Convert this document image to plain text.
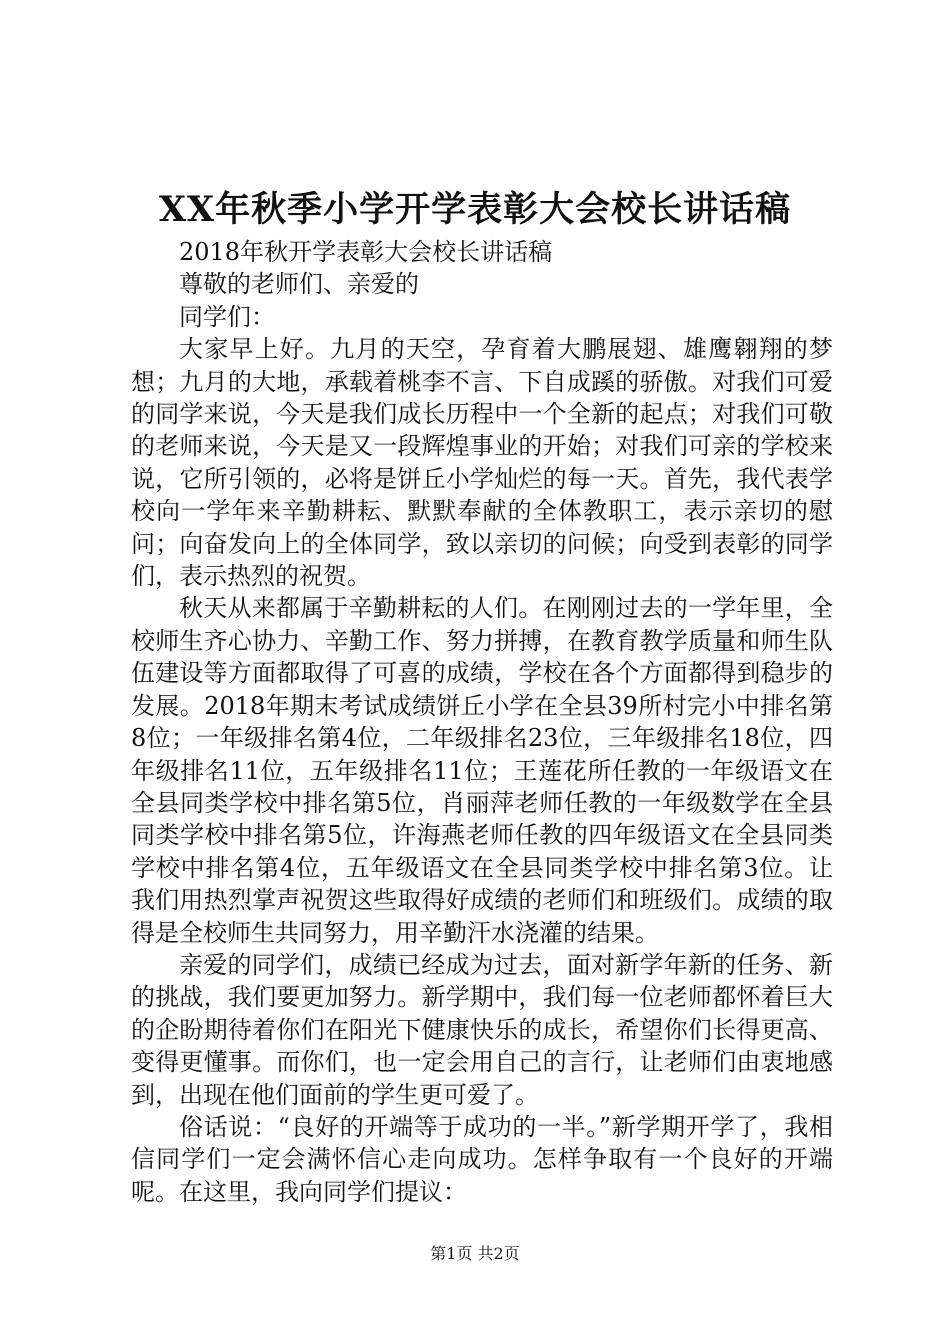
XX年秋季小学开学表彰大会校长讲话稿

2018年秋开学表彰大会校长讲话稿

尊敬的老师们、亲爱的

同学们：

大家早上好。九月的天空，孕育着大鹏展翅、雄鹰翱翔的梦想；九月的大地，承载着桃李不言、下自成蹊的骄傲。对我们可爱的同学来说，今天是我们成长历程中一个全新的起点；对我们可敬的老师来说，今天是又一段辉煌事业的开始；对我们可亲的学校来说，它所引领的，必将是饼丘小学灿烂的每一天。首先，我代表学校向一学年来辛勤耕耘、默默奉献的全体教职工，表示亲切的慰问；向奋发向上的全体同学，致以亲切的问候；向受到表彰的同学们，表示热烈的祝贺。

秋天从来都属于辛勤耕耘的人们。在刚刚过去的一学年里，全校师生齐心协力、辛勤工作、努力拼搏，在教育教学质量和师生队伍建设等方面都取得了可喜的成绩，学校在各个方面都得到稳步的发展。2018年期末考试成绩饼丘小学在全县39所村完小中排名第8位；一年级排名第4位，二年级排名23位，三年级排名18位，四年级排名11位，五年级排名11位；王莲花所任教的一年级语文在全县同类学校中排名第5位，肖丽萍老师任教的一年级数学在全县同类学校中排名第5位，许海燕老师任教的四年级语文在全县同类学校中排名第4位，五年级语文在全县同类学校中排名第3位。让我们用热烈掌声祝贺这些取得好成绩的老师们和班级们。成绩的取得是全校师生共同努力，用辛勤汗水浇灌的结果。

亲爱的同学们，成绩已经成为过去，面对新学年新的任务、新的挑战，我们要更加努力。新学期中，我们每一位老师都怀着巨大的企盼期待着你们在阳光下健康快乐的成长，希望你们长得更高、变得更懂事。而你们，也一定会用自己的言行，让老师们由衷地感到，出现在他们面前的学生更可爱了。

俗话说：“良好的开端等于成功的一半。”新学期开学了，我相信同学们一定会满怀信心走向成功。怎样争取有一个良好的开端呢。在这里，我向同学们提议：

第1页 共2页
